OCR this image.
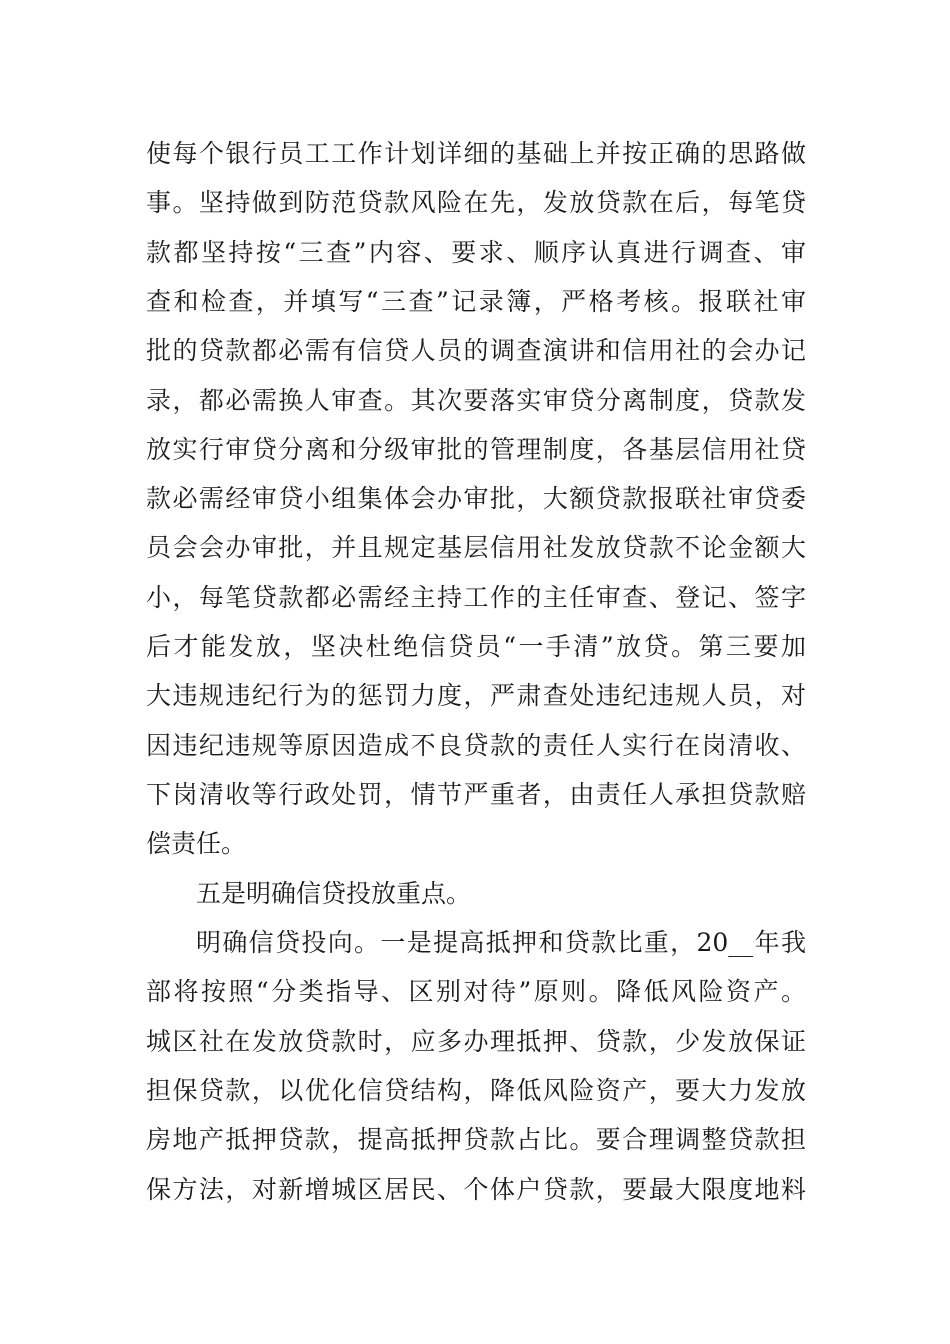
使每个银行员工工作计划详细的基础上并按正确的思路做
事。坚持做到防范贷款风险在先，发放贷款在后，每笔贷
款都坚持按“三查”内容、要求、顺序认真进行调查、审
查和检查，并填写“三查”记录簿，严格考核。报联社审
批的贷款都必需有信贷人员的调查演讲和信用社的会办记
录，都必需换人审查。其次要落实审贷分离制度，贷款发
放实行审贷分离和分级审批的管理制度，各基层信用社贷
款必需经审贷小组集体会办审批，大额贷款报联社审贷委
员会会办审批，并且规定基层信用社发放贷款不论金额大
小，每笔贷款都必需经主持工作的主任审查、登记、签字
后才能发放，坚决杜绝信贷员“一手清”放贷。第三要加
大违规违纪行为的惩罚力度，严肃查处违纪违规人员，对
因违纪违规等原因造成不良贷款的责任人实行在岗清收、
下岗清收等行政处罚，情节严重者，由责任人承担贷款赔
偿责任。
五是明确信贷投放重点。
明确信贷投向。一是提高抵押和贷款比重，20__年我
部将按照“分类指导、区别对待”原则。降低风险资产。
城区社在发放贷款时，应多办理抵押、贷款，少发放保证
担保贷款，以优化信贷结构，降低风险资产，要大力发放
房地产抵押贷款，提高抵押贷款占比。要合理调整贷款担
保方法，对新增城区居民、个体户贷款，要最大限度地料
